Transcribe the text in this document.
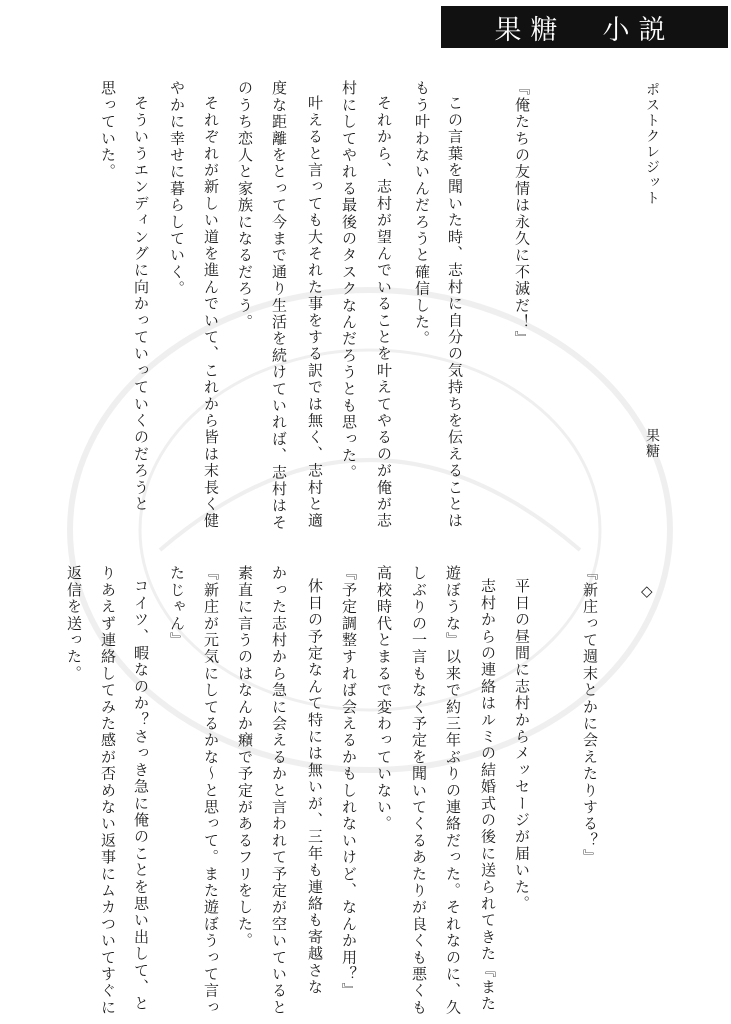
果糖　小説
ポストクレジット
果糖
◇
『俺たちの友情は永久に不滅だ！』
この言葉を聞いた時、志村に自分の気持ちを伝えることは
もう叶わないんだろうと確信した。
それから、志村が望んでいることを叶えてやるのが俺が志
村にしてやれる最後のタスクなんだろうとも思った。
叶えると言っても大それた事をする訳では無く、志村と適
度な距離をとって今まで通り生活を続けていれば、志村はそ
のうち恋人と家族になるだろう。
それぞれが新しい道を進んでいて、これから皆は末長く健
やかに幸せに暮らしていく。
そういうエンディングに向かっていっていくのだろうと
思っていた。
『新庄って週末とかに会えたりする？』
平日の昼間に志村からメッセージが届いた。
志村からの連絡はルミの結婚式の後に送られてきた『また
遊ぼうな』以来で約三年ぶりの連絡だった。それなのに、久
しぶりの一言もなく予定を聞いてくるあたりが良くも悪くも
高校時代とまるで変わっていない。
『予定調整すれば会えるかもしれないけど、なんか用？』
休日の予定なんて特には無いが、三年も連絡も寄越さな
かった志村から急に会えるかと言われて予定が空いていると
素直に言うのはなんか癪で予定があるフリをした。
『新庄が元気にしてるかな〜と思って。また遊ぼうって言っ
たじゃん』
コイツ、暇なのか？さっき急に俺のことを思い出して、と
りあえず連絡してみた感が否めない返事にムカついてすぐに
返信を送った。
